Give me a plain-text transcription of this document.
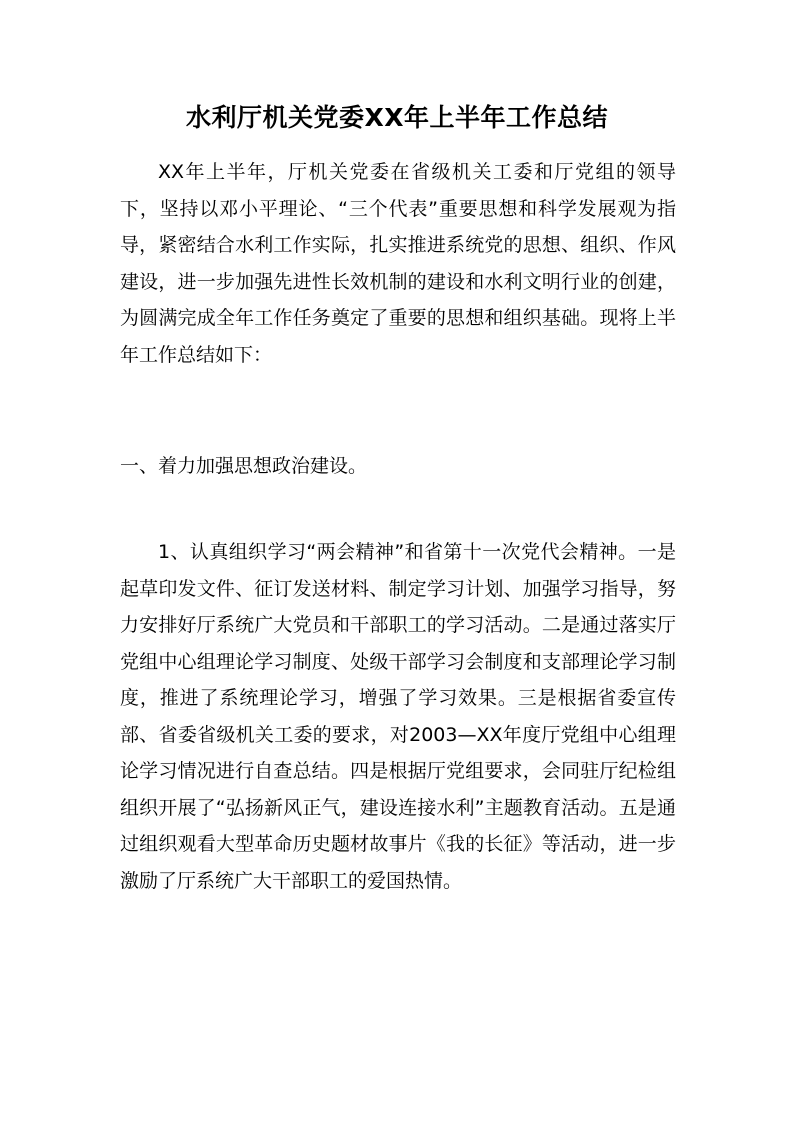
水利厅机关党委XX年上半年工作总结

XX年上半年，厅机关党委在省级机关工委和厅党组的领导下，坚持以邓小平理论、“三个代表”重要思想和科学发展观为指导，紧密结合水利工作实际，扎实推进系统党的思想、组织、作风建设，进一步加强先进性长效机制的建设和水利文明行业的创建，为圆满完成全年工作任务奠定了重要的思想和组织基础。现将上半年工作总结如下：

一、着力加强思想政治建设。

1、认真组织学习“两会精神”和省第十一次党代会精神。一是起草印发文件、征订发送材料、制定学习计划、加强学习指导，努力安排好厅系统广大党员和干部职工的学习活动。二是通过落实厅党组中心组理论学习制度、处级干部学习会制度和支部理论学习制度，推进了系统理论学习，增强了学习效果。三是根据省委宣传部、省委省级机关工委的要求，对2003—XX年度厅党组中心组理论学习情况进行自查总结。四是根据厅党组要求，会同驻厅纪检组组织开展了“弘扬新风正气，建设连接水利”主题教育活动。五是通过组织观看大型革命历史题材故事片《我的长征》等活动，进一步激励了厅系统广大干部职工的爱国热情。
